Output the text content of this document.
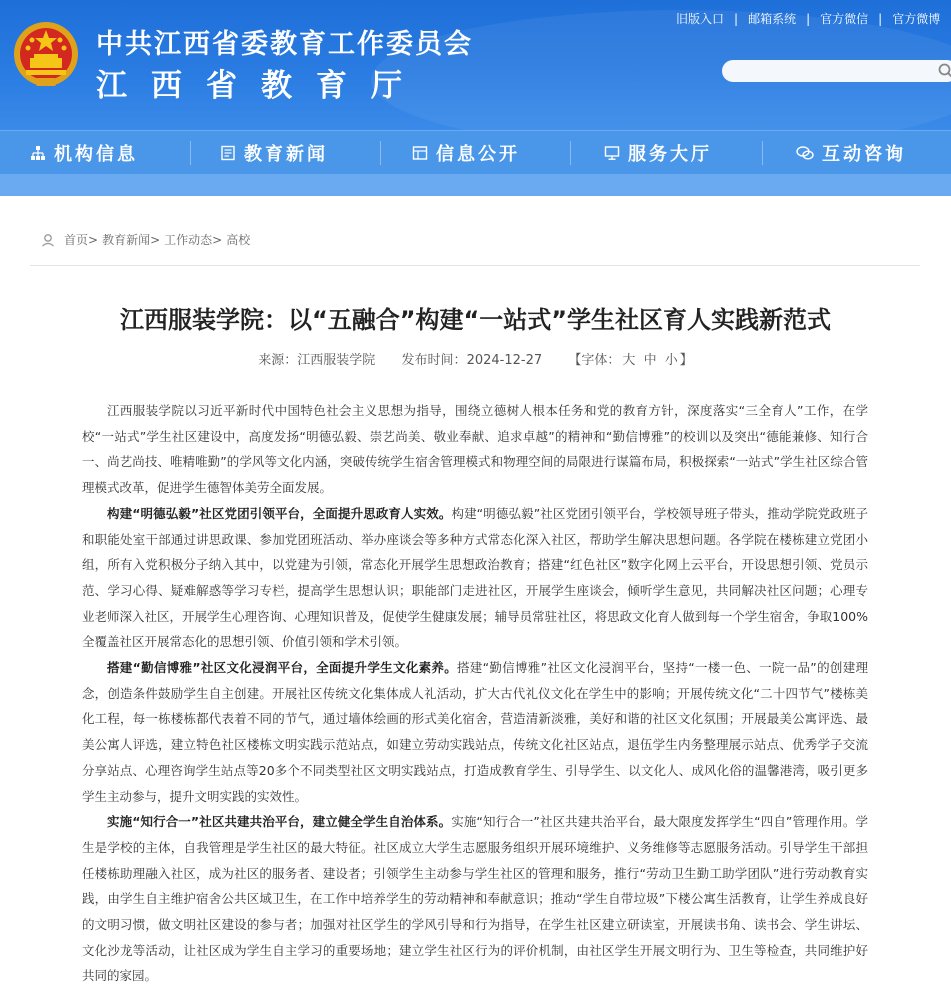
中共江西省委教育工作委员会
江西省教育厅
旧版入口 | 邮箱系统 | 官方微信 | 官方微博
机构信息	教育新闻	信息公开	服务大厅	互动咨询
首页 > 教育新闻 > 工作动态 > 高校
江西服装学院：以“五融合”构建“一站式”学生社区育人实践新范式
来源：江西服装学院 发布时间：2024-12-27 【字体： 大 中 小 】

江西服装学院以习近平新时代中国特色社会主义思想为指导，围绕立德树人根本任务和党的教育方针，深度落实“三全育人”工作，在学校“一站式”学生社区建设中，高度发扬“明德弘毅、崇艺尚美、敬业奉献、追求卓越”的精神和“勤信博雅”的校训以及突出“德能兼修、知行合一、尚艺尚技、唯精唯勤”的学风等文化内涵，突破传统学生宿舍管理模式和物理空间的局限进行谋篇布局，积极探索“一站式”学生社区综合管理模式改革，促进学生德智体美劳全面发展。

构建“明德弘毅”社区党团引领平台，全面提升思政育人实效。构建“明德弘毅”社区党团引领平台，学校领导班子带头，推动学院党政班子和职能处室干部通过讲思政课、参加党团班活动、举办座谈会等多种方式常态化深入社区，帮助学生解决思想问题。各学院在楼栋建立党团小组，所有入党积极分子纳入其中，以党建为引领，常态化开展学生思想政治教育；搭建“红色社区”数字化网上云平台，开设思想引领、党员示范、学习心得、疑难解惑等学习专栏，提高学生思想认识；职能部门走进社区，开展学生座谈会，倾听学生意见，共同解决社区问题；心理专业老师深入社区，开展学生心理咨询、心理知识普及，促使学生健康发展；辅导员常驻社区，将思政文化育人做到每一个学生宿舍，争取100%全覆盖社区开展常态化的思想引领、价值引领和学术引领。

搭建“勤信博雅”社区文化浸润平台，全面提升学生文化素养。搭建“勤信博雅”社区文化浸润平台，坚持“一楼一色、一院一品”的创建理念，创造条件鼓励学生自主创建。开展社区传统文化集体成人礼活动，扩大古代礼仪文化在学生中的影响；开展传统文化“二十四节气”楼栋美化工程，每一栋楼栋都代表着不同的节气，通过墙体绘画的形式美化宿舍，营造清新淡雅，美好和谐的社区文化氛围；开展最美公寓评选、最美公寓人评选，建立特色社区楼栋文明实践示范站点，如建立劳动实践站点，传统文化社区站点，退伍学生内务整理展示站点、优秀学子交流分享站点、心理咨询学生站点等20多个不同类型社区文明实践站点，打造成教育学生、引导学生、以文化人、成风化俗的温馨港湾，吸引更多学生主动参与，提升文明实践的实效性。

实施“知行合一”社区共建共治平台，建立健全学生自治体系。实施“知行合一”社区共建共治平台，最大限度发挥学生“四自”管理作用。学生是学校的主体，自我管理是学生社区的最大特征。社区成立大学生志愿服务组织开展环境维护、义务维修等志愿服务活动。引导学生干部担任楼栋助理融入社区，成为社区的服务者、建设者；引领学生主动参与学生社区的管理和服务，推行“劳动卫生勤工助学团队”进行劳动教育实践，由学生自主维护宿舍公共区域卫生，在工作中培养学生的劳动精神和奉献意识；推动“学生自带垃圾”下楼公寓生活教育，让学生养成良好的文明习惯，做文明社区建设的参与者；加强对社区学生的学风引导和行为指导，在学生社区建立研读室，开展读书角、读书会、学生讲坛、文化沙龙等活动，让社区成为学生自主学习的重要场地；建立学生社区行为的评价机制，由社区学生开展文明行为、卫生等检查，共同维护好共同的家园。
